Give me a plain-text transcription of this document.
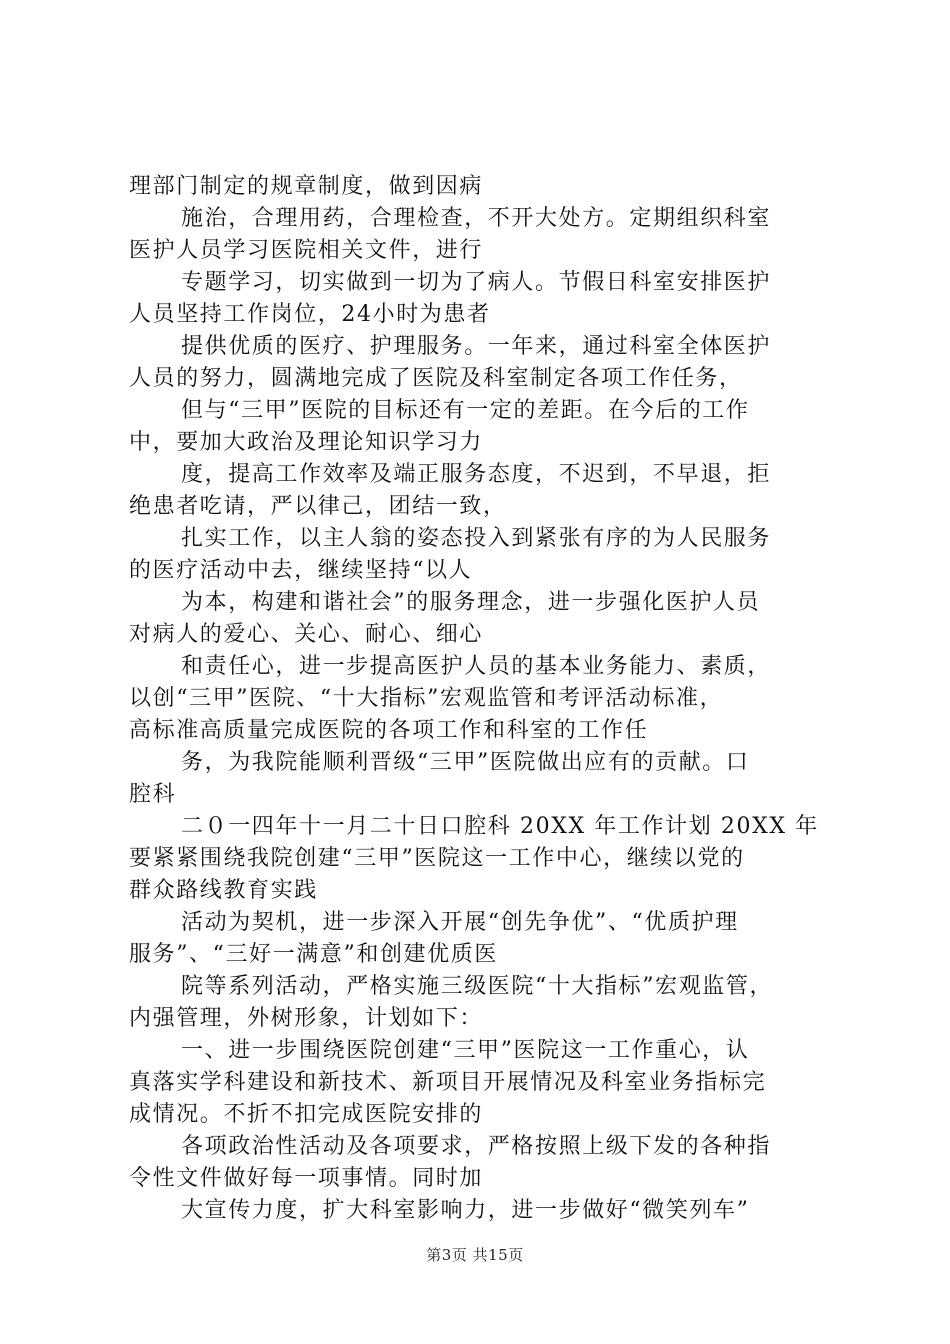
理部门制定的规章制度，做到因病

施治，合理用药，合理检查，不开大处方。定期组织科室

医护人员学习医院相关文件，进行

专题学习，切实做到一切为了病人。节假日科室安排医护

人员坚持工作岗位，24小时为患者

提供优质的医疗、护理服务。一年来，通过科室全体医护

人员的努力，圆满地完成了医院及科室制定各项工作任务，

但与“三甲”医院的目标还有一定的差距。在今后的工作

中，要加大政治及理论知识学习力

度，提高工作效率及端正服务态度，不迟到，不早退，拒

绝患者吃请，严以律己，团结一致，

扎实工作，以主人翁的姿态投入到紧张有序的为人民服务

的医疗活动中去，继续坚持“以人

为本，构建和谐社会”的服务理念，进一步强化医护人员

对病人的爱心、关心、耐心、细心

和责任心，进一步提高医护人员的基本业务能力、素质，

以创“三甲”医院、“十大指标”宏观监管和考评活动标准，

高标准高质量完成医院的各项工作和科室的工作任

务，为我院能顺利晋级“三甲”医院做出应有的贡献。口

腔科

二０一四年十一月二十日口腔科 20XX 年工作计划 20XX 年

要紧紧围绕我院创建“三甲”医院这一工作中心，继续以党的

群众路线教育实践

活动为契机，进一步深入开展“创先争优”、“优质护理

服务”、“三好一满意”和创建优质医

院等系列活动，严格实施三级医院“十大指标”宏观监管，

内强管理，外树形象，计划如下：

一、进一步围绕医院创建“三甲”医院这一工作重心，认

真落实学科建设和新技术、新项目开展情况及科室业务指标完

成情况。不折不扣完成医院安排的

各项政治性活动及各项要求，严格按照上级下发的各种指

令性文件做好每一项事情。同时加

大宣传力度，扩大科室影响力，进一步做好“微笑列车”

第3页 共15页
